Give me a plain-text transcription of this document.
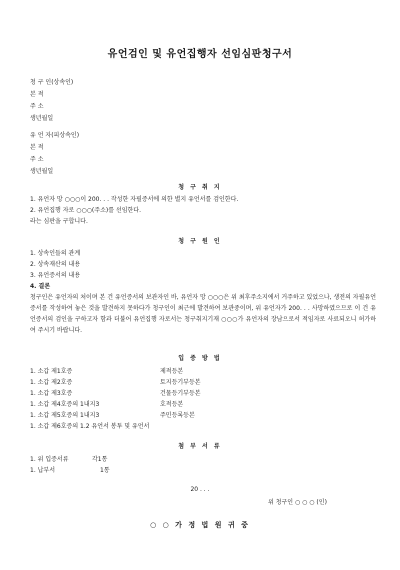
유언검인 및 유언집행자 선임심판청구서
청 구 인(상속인)
본 적
주 소
생년월일
유 언 자(피상속인)
본 적
주 소
생년월일
청 구 취 지
1. 유언자 망 ○○○이 200. . . 작성한 자필증서에 의한 별지 유언서를 검인한다.
2. 유언집행 자로 ○○○(주소)를 선임한다.
라는 심판을 구합니다.
청 구 원 인
1. 상속인들의 관계
2. 상속재산의 내용
3. 유언증서의 내용
4. 결론
청구인은 유언자의 처이며 본 건 유언증서의 보관자인 바, 유언자 망 ○○○은 위 최후주소지에서 거주하고 있었으나, 생전의 자필유언증서를 작성하여 놓은 것을 발견하지 못하다가 청구인이 최근에 발견하여 보관중이며, 위 유언자가 200. . . 사망하였으므로 이 건 유언증서의 검인을 구하고자 함과 더불어 유언집행 자로서는 청구취지기재 ○○○가 유언자의 장남으로서 적임자로 사료되오니 허가하여 주시기 바랍니다.
입 증 방 법
1. 소갑 제1호증	제적등본
1. 소갑 제2호증	토지등기부등본
1. 소갑 제3호증	건물등기부등본
1. 소갑 제4호증의 1내지3	호적등본
1. 소갑 제5호증의 1내지3	주민등록등본
1. 소갑 제6호증의 1.2 유언서 봉투 및 유언서
첨 부 서 류
1. 위 입증서류	각1통
1. 납부서	1통
20 . . .
위 청구인 ○ ○ ○ (인)
○ ○ 가 정 법 원 귀 중
